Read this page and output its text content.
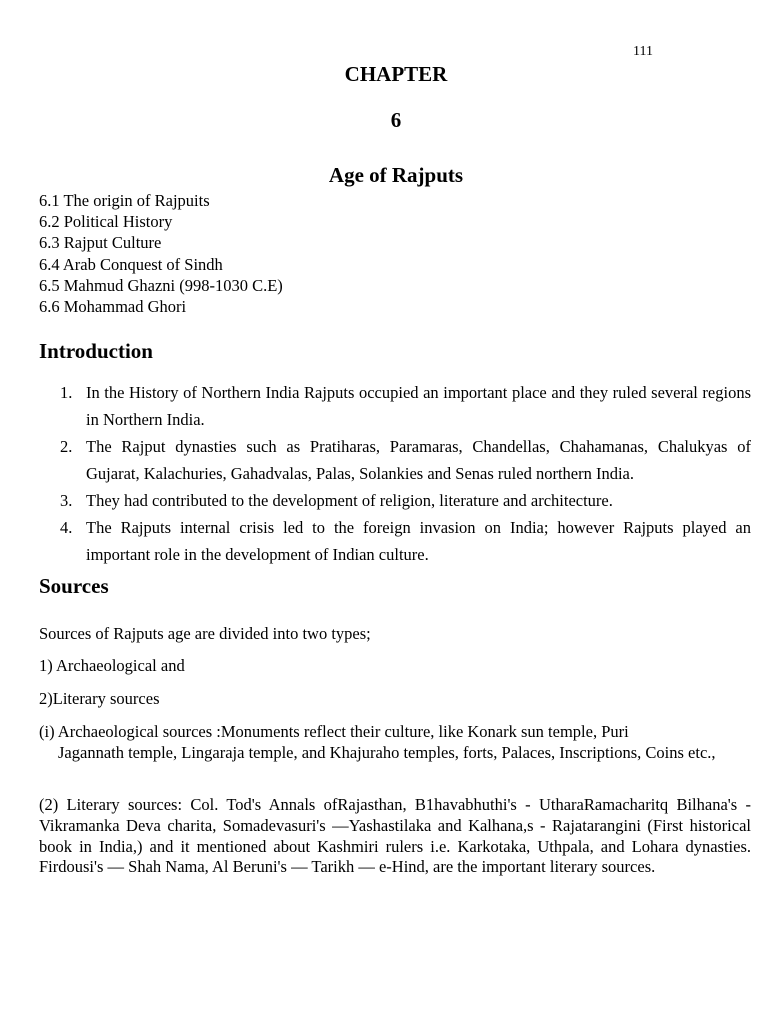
111
CHAPTER
6
Age of Rajputs
6.1 The origin of Rajpuits
6.2 Political History
6.3 Rajput Culture
6.4 Arab Conquest of Sindh
6.5 Mahmud Ghazni (998-1030 C.E)
6.6 Mohammad Ghori
Introduction
1. In the History of Northern India Rajputs occupied an important place and they ruled several regions in Northern India.
2. The Rajput dynasties such as Pratiharas, Paramaras, Chandellas, Chahamanas, Chalukyas of Gujarat, Kalachuries, Gahadvalas, Palas, Solankies and Senas ruled northern India.
3. They had contributed to the development of religion, literature and architecture.
4. The Rajputs internal crisis led to the foreign invasion on India; however Rajputs played an important role in the development of Indian culture.
Sources

Sources of Rajputs age are divided into two types;

1) Archaeological and

2)Literary sources

(i) Archaeological sources :Monuments reflect their culture, like Konark sun temple, Puri
Jagannath temple, Lingaraja temple, and Khajuraho temples, forts, Palaces, Inscriptions, Coins etc.,

(2) Literary sources: Col. Tod's Annals ofRajasthan, B1havabhuthi's - UtharaRamacharitq Bilhana's - Vikramanka Deva charita, Somadevasuri's —Yashastilaka and Kalhana,s - Rajatarangini (First historical book in India,) and it mentioned about Kashmiri rulers i.e. Karkotaka, Uthpala, and Lohara dynasties. Firdousi's — Shah Nama, Al Beruni's — Tarikh — e-Hind, are the important literary sources.
